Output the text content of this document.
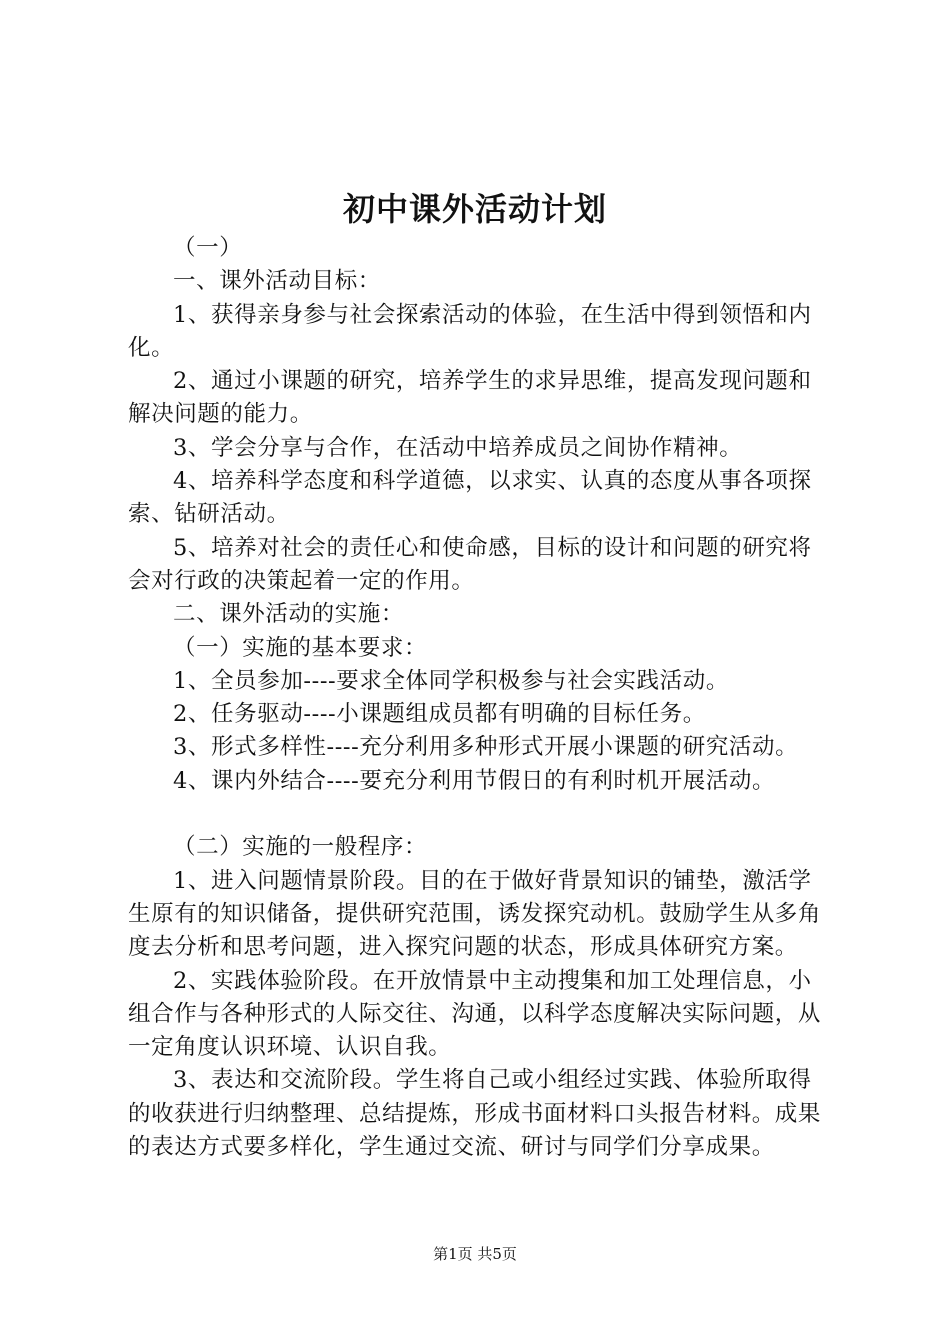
初中课外活动计划

（一）

一、课外活动目标：

1、获得亲身参与社会探索活动的体验，在生活中得到领悟和内化。

2、通过小课题的研究，培养学生的求异思维，提高发现问题和解决问题的能力。

3、学会分享与合作，在活动中培养成员之间协作精神。

4、培养科学态度和科学道德，以求实、认真的态度从事各项探索、钻研活动。

5、培养对社会的责任心和使命感，目标的设计和问题的研究将会对行政的决策起着一定的作用。

二、课外活动的实施：

（一）实施的基本要求：

1、全员参加----要求全体同学积极参与社会实践活动。

2、任务驱动----小课题组成员都有明确的目标任务。

3、形式多样性----充分利用多种形式开展小课题的研究活动。

4、课内外结合----要充分利用节假日的有利时机开展活动。

（二）实施的一般程序：

1、进入问题情景阶段。目的在于做好背景知识的铺垫，激活学生原有的知识储备，提供研究范围，诱发探究动机。鼓励学生从多角度去分析和思考问题，进入探究问题的状态，形成具体研究方案。

2、实践体验阶段。在开放情景中主动搜集和加工处理信息，小组合作与各种形式的人际交往、沟通，以科学态度解决实际问题，从一定角度认识环境、认识自我。

3、表达和交流阶段。学生将自己或小组经过实践、体验所取得的收获进行归纳整理、总结提炼，形成书面材料口头报告材料。成果的表达方式要多样化，学生通过交流、研讨与同学们分享成果。

第1页 共5页
